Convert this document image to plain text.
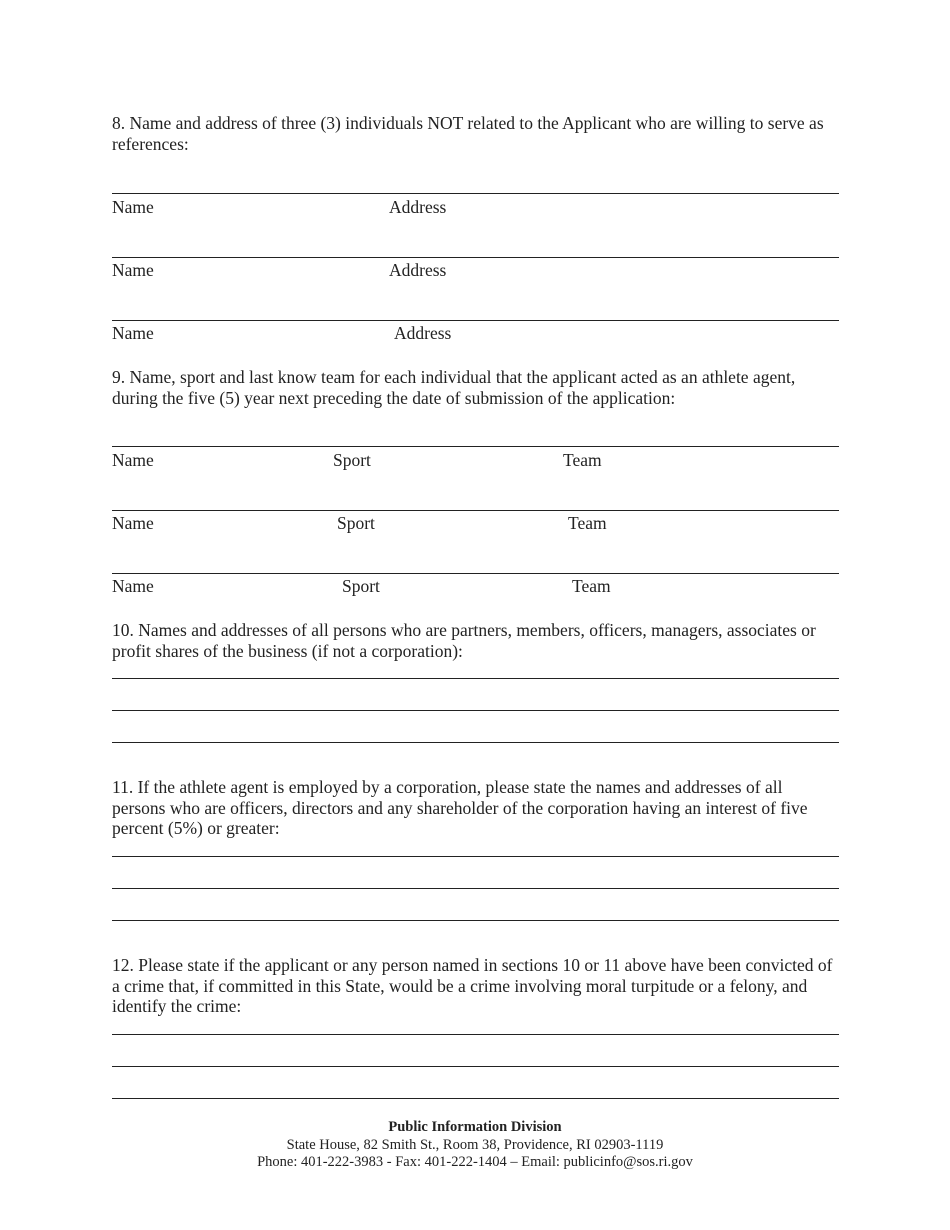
8. Name and address of three (3) individuals NOT related to the Applicant who are willing to serve as references:
Name	Address
Name	Address
Name	Address
9. Name, sport and last know team for each individual that the applicant acted as an athlete agent, during the five (5) year next preceding the date of submission of the application:
Name	Sport	Team
Name	Sport	Team
Name	Sport	Team
10. Names and addresses of all persons who are partners, members, officers, managers, associates or profit shares of the business (if not a corporation):
11. If the athlete agent is employed by a corporation, please state the names and addresses of all persons who are officers, directors and any shareholder of the corporation having an interest of five percent (5%) or greater:
12. Please state if the applicant or any person named in sections 10 or 11 above have been convicted of a crime that, if committed in this State, would be a crime involving moral turpitude or a felony, and identify the crime:
Public Information Division
State House, 82 Smith St., Room 38, Providence, RI 02903-1119
Phone: 401-222-3983 - Fax: 401-222-1404 – Email: publicinfo@sos.ri.gov
